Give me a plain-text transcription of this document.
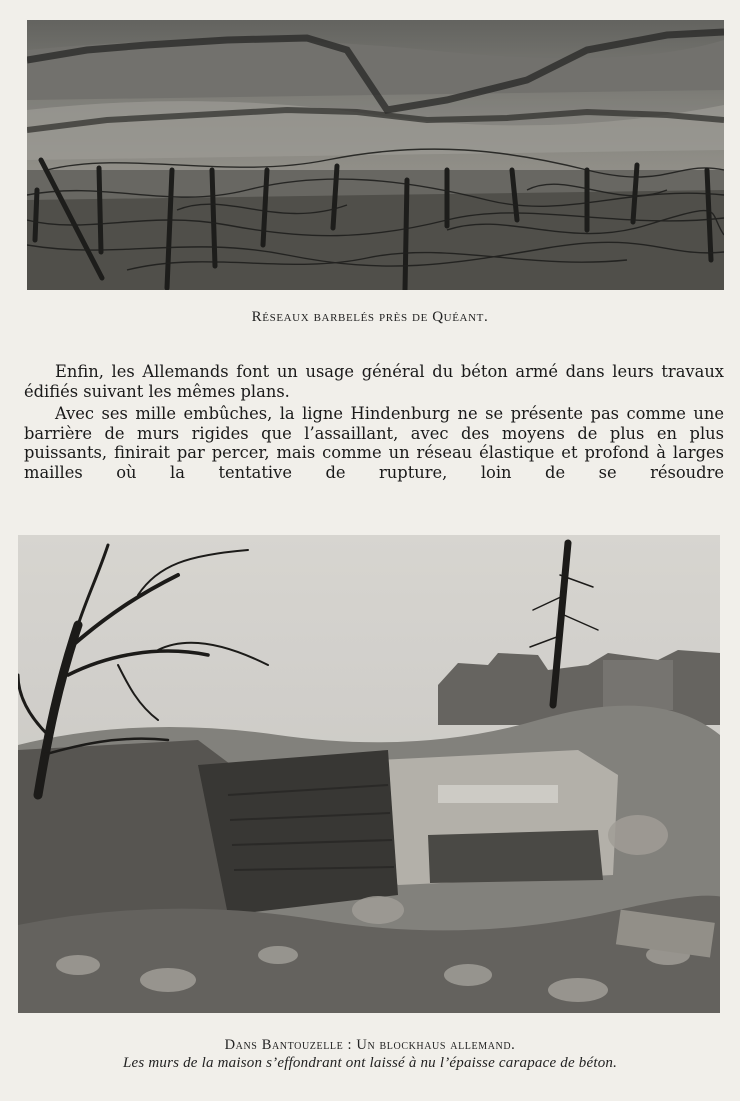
Réseaux barbelés près de Quéant.

Enfin, les Allemands font un usage général du béton armé dans leurs travaux édifiés suivant les mêmes plans.

Avec ses mille embûches, la ligne Hindenburg ne se présente pas comme une barrière de murs rigides que l’assaillant, avec des moyens de plus en plus puissants, finirait par percer, mais comme un réseau élastique et profond à larges mailles où la tentative de rupture, loin de se résoudre

Dans Bantouzelle : Un blockhaus allemand.
Les murs de la maison s’effondrant ont laissé à nu l’épaisse carapace de béton.
